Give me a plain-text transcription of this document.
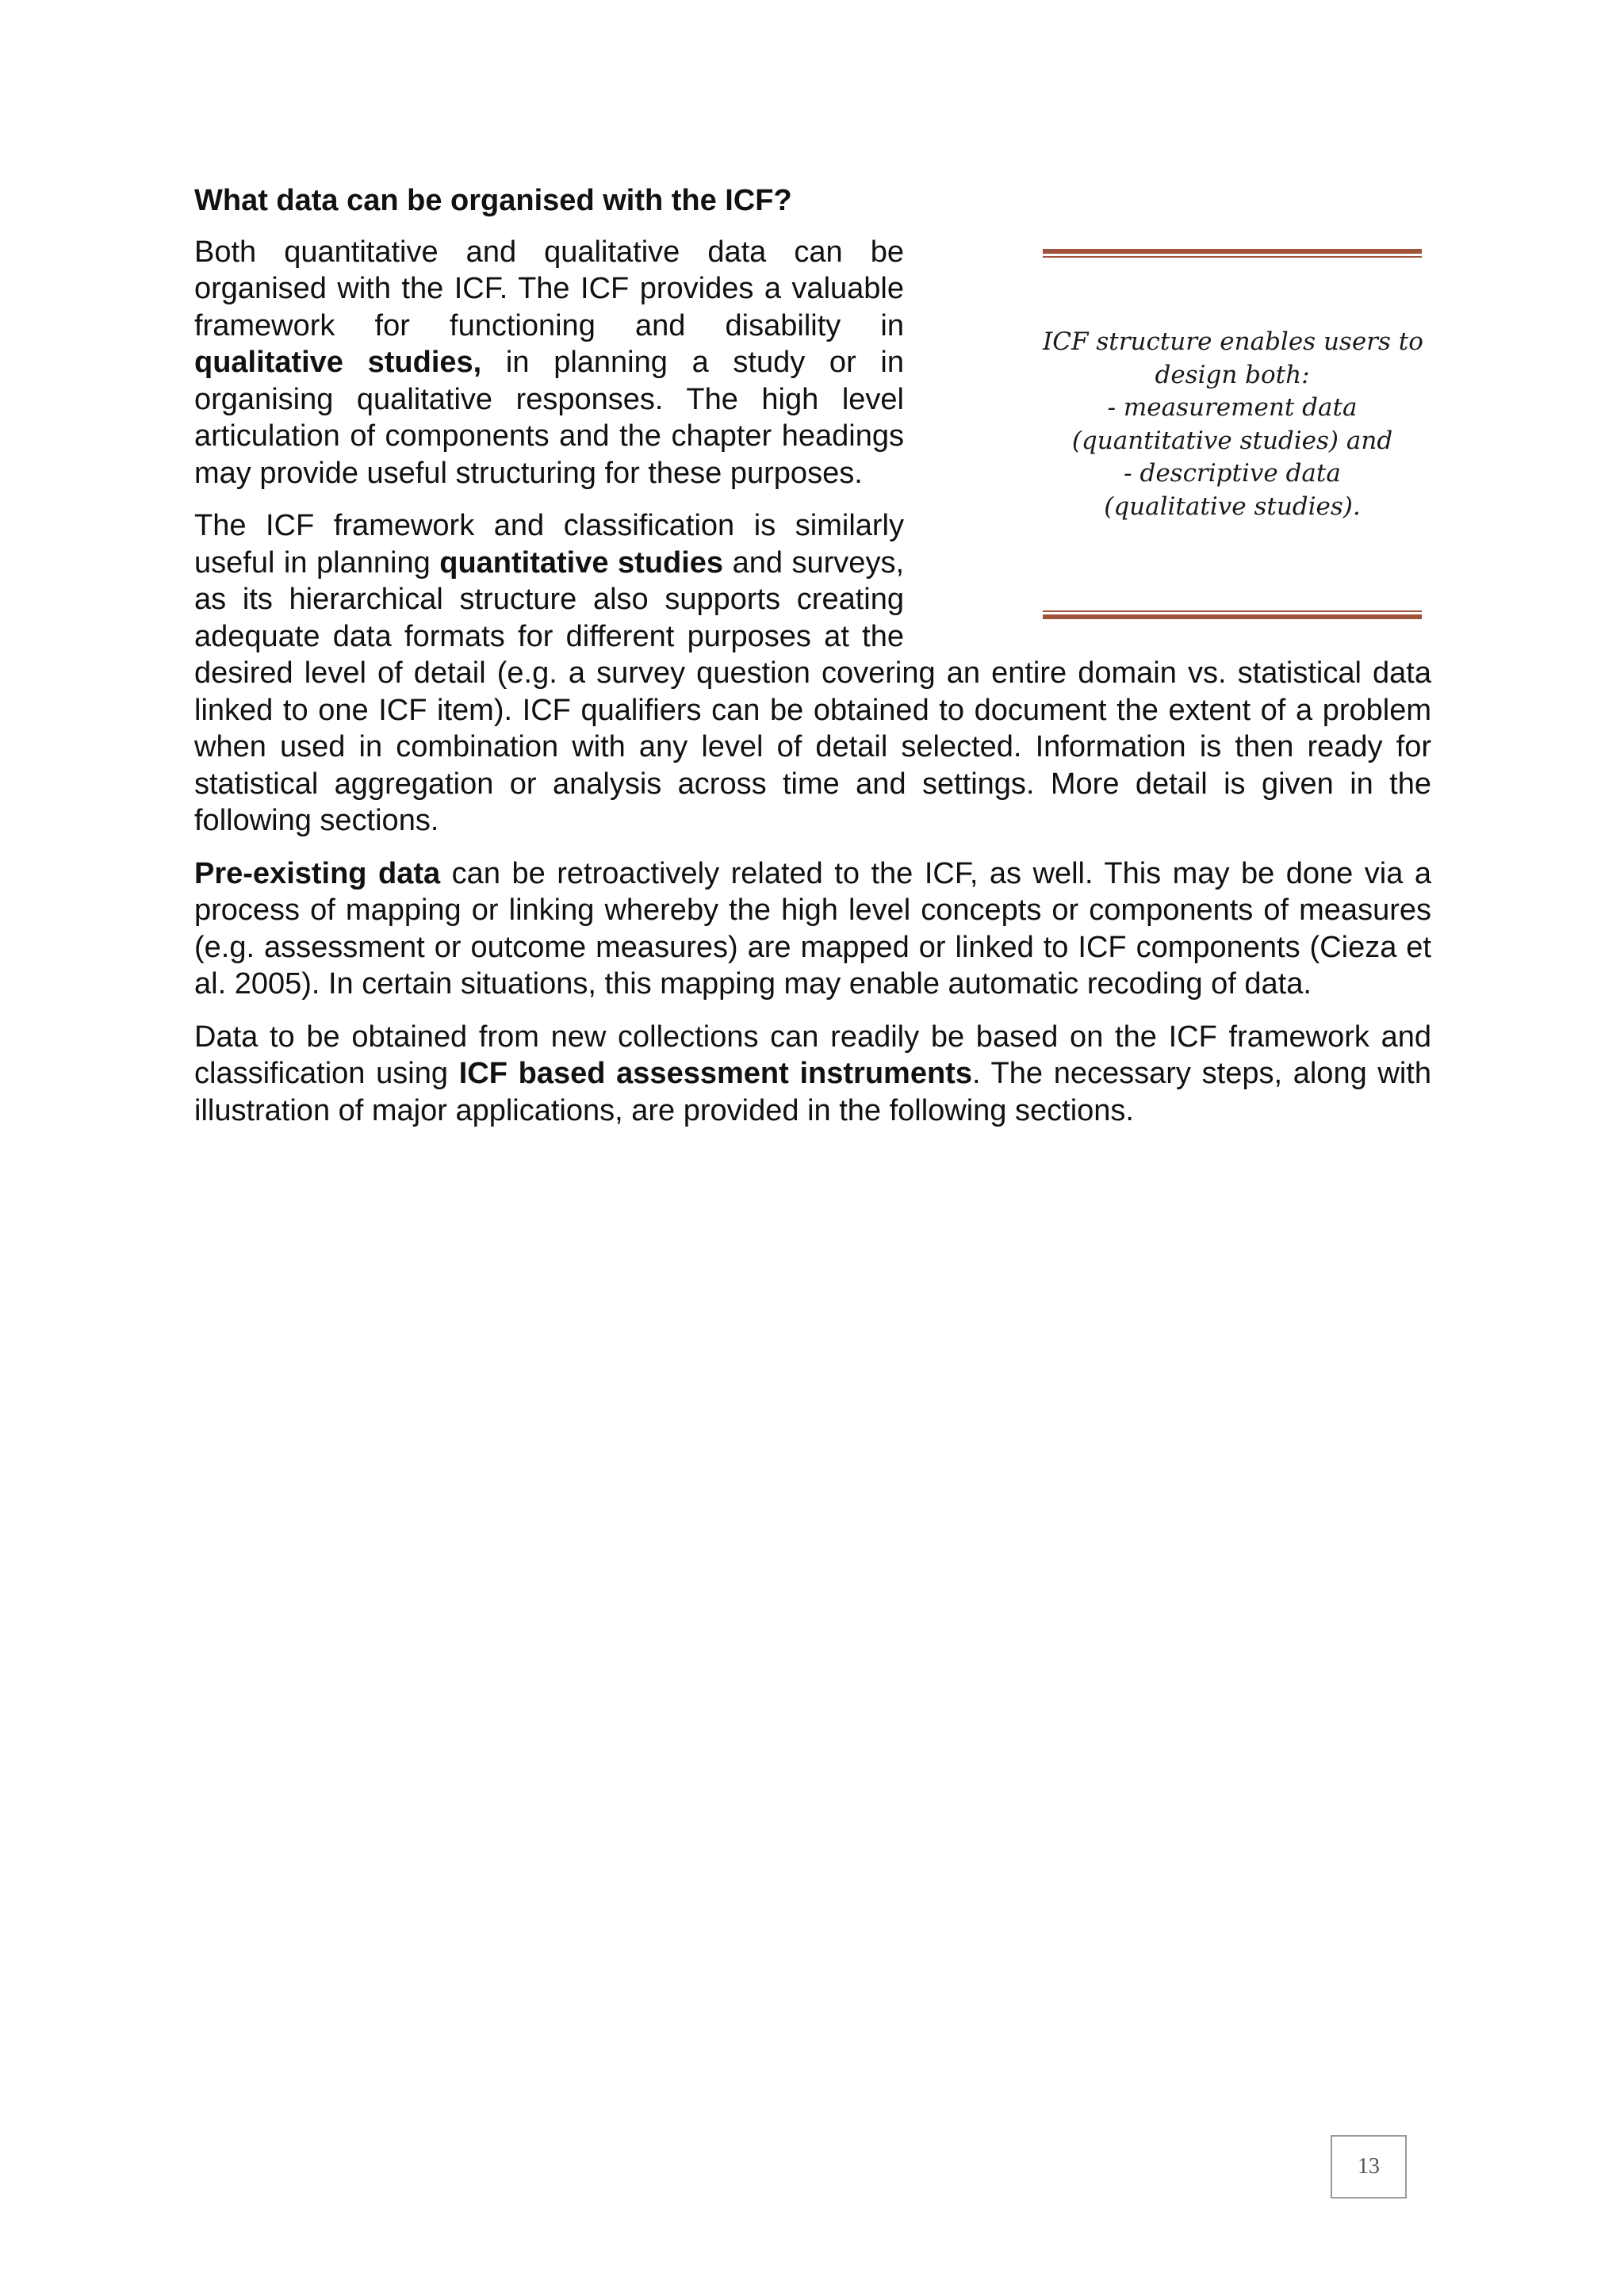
What data can be organised with the ICF?

Both quantitative and qualitative data can be organised with the ICF. The ICF provides a valuable framework for functioning and disability in qualitative studies, in planning a study or in organising qualitative responses. The high level articulation of components and the chapter headings may provide useful structuring for these purposes.

The ICF framework and classification is similarly useful in planning quantitative studies and surveys, as its hierarchical structure also supports creating adequate data formats for different purposes at the desired level of detail (e.g. a survey question covering an entire domain vs. statistical data linked to one ICF item). ICF qualifiers can be obtained to document the extent of a problem when used in combination with any level of detail selected. Information is then ready for statistical aggregation or analysis across time and settings. More detail is given in the following sections.

Pre-existing data can be retroactively related to the ICF, as well. This may be done via a process of mapping or linking whereby the high level concepts or components of measures (e.g. assessment or outcome measures) are mapped or linked to ICF components (Cieza et al. 2005). In certain situations, this mapping may enable automatic recoding of data.

Data to be obtained from new collections can readily be based on the ICF framework and classification using ICF based assessment instruments. The necessary steps, along with illustration of major applications, are provided in the following sections.

ICF structure enables users to
design both:
- measurement data
(quantitative studies) and
- descriptive data
(qualitative studies).
13
